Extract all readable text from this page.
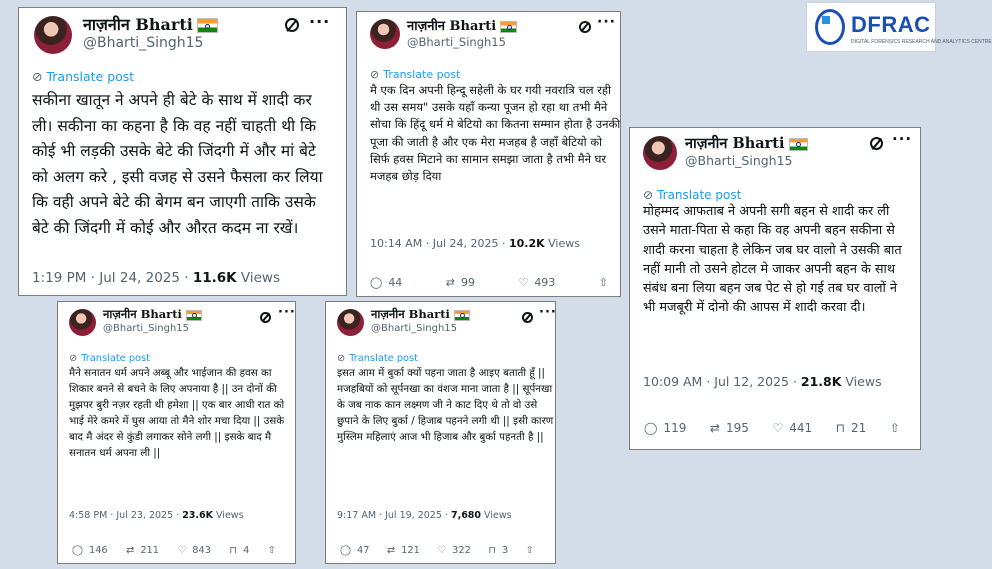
DFRAC
DIGITAL FORENSICS RESEARCH AND ANALYTICS CENTRE
नाज़नीन Bharti
@Bharti_Singh15
···
⊘ Translate post
सकीना खातून ने अपने ही बेटे के साथ में शादी कर ली। सकीना का कहना है कि वह नहीं चाहती थी कि कोई भी लड़की उसके बेटे की जिंदगी में और मां बेटे को अलग करे , इसी वजह से उसने फैसला कर लिया कि वही अपने बेटे की बेगम बन जाएगी ताकि उसके बेटे की जिंदगी में कोई और औरत कदम ना रखें।
1:19 PM · Jul 24, 2025 · 11.6K Views
नाज़नीन Bharti
@Bharti_Singh15
···
⊘ Translate post
मै एक दिन अपनी हिन्दू सहेली के घर गयी नवरात्रि चल रही थी उस समय" उसके यहाँ कन्या पूजन हो रहा था तभी मैने सोचा कि हिंदू धर्म मे बेटियो का कितना सम्मान होता है उनकी पूजा की जाती है और एक मेरा मजहब है जहाँ बेटियो को सिर्फ हवस मिटाने का सामान समझा जाता है तभी मैने घर मजहब छोड़ दिया
10:14 AM · Jul 24, 2025 · 10.2K Views
◯ 44	⇄ 99	♡ 493	⇧
नाज़नीन Bharti
@Bharti_Singh15
···
⊘ Translate post
मोहम्मद आफताब ने अपनी सगी बहन से शादी कर ली उसने माता-पिता से कहा कि वह अपनी बहन सकीना से शादी करना चाहता है लेकिन जब घर वालो ने उसकी बात नहीं मानी तो उसने होटल मे जाकर अपनी बहन के साथ संबंध बना लिया बहन जब पेट से हो गई तब घर वालों ने भी मजबूरी में दोनो की आपस में शादी करवा दी।
10:09 AM · Jul 12, 2025 · 21.8K Views
◯ 119 ⇄ 195 ♡ 441 ⊓ 21 ⇧
नाज़नीन Bharti
@Bharti_Singh15
···
⊘ Translate post
मैने सनातन धर्म अपने अब्बू और भाईजान की हवस का शिकार बनने से बचने के लिए अपनाया है || उन दोनों की मुझपर बुरी नज़र रहती थी हमेशा || एक बार आधी रात को भाई मेरे कमरे में घुस आया तो मैने शोर मचा दिया || उसके बाद मै अंदर से कुंडी लगाकर सोने लगी || इसके बाद मै सनातन धर्म अपना ली ||
4:58 PM · Jul 23, 2025 · 23.6K Views
◯ 146 ⇄ 211 ♡ 843 ⊓ 4 ⇧
नाज़नीन Bharti
@Bharti_Singh15
···
⊘ Translate post
इसत आम में बुर्का क्यों पहना जाता है आइए बताती हूँ || मजहबियों को सूर्पनखा का वंशज माना जाता है || सूर्पनखा के जब नाक कान लक्ष्मण जी ने काट दिए थे तो वो उसे छुपाने के लिए बुर्का / हिजाब पहनने लगी थी || इसी कारण मुस्लिम महिलाएं आज भी हिजाब और बुर्का पहनती है ||
9:17 AM · Jul 19, 2025 · 7,680 Views
◯ 47 ⇄ 121 ♡ 322 ⊓ 3 ⇧
